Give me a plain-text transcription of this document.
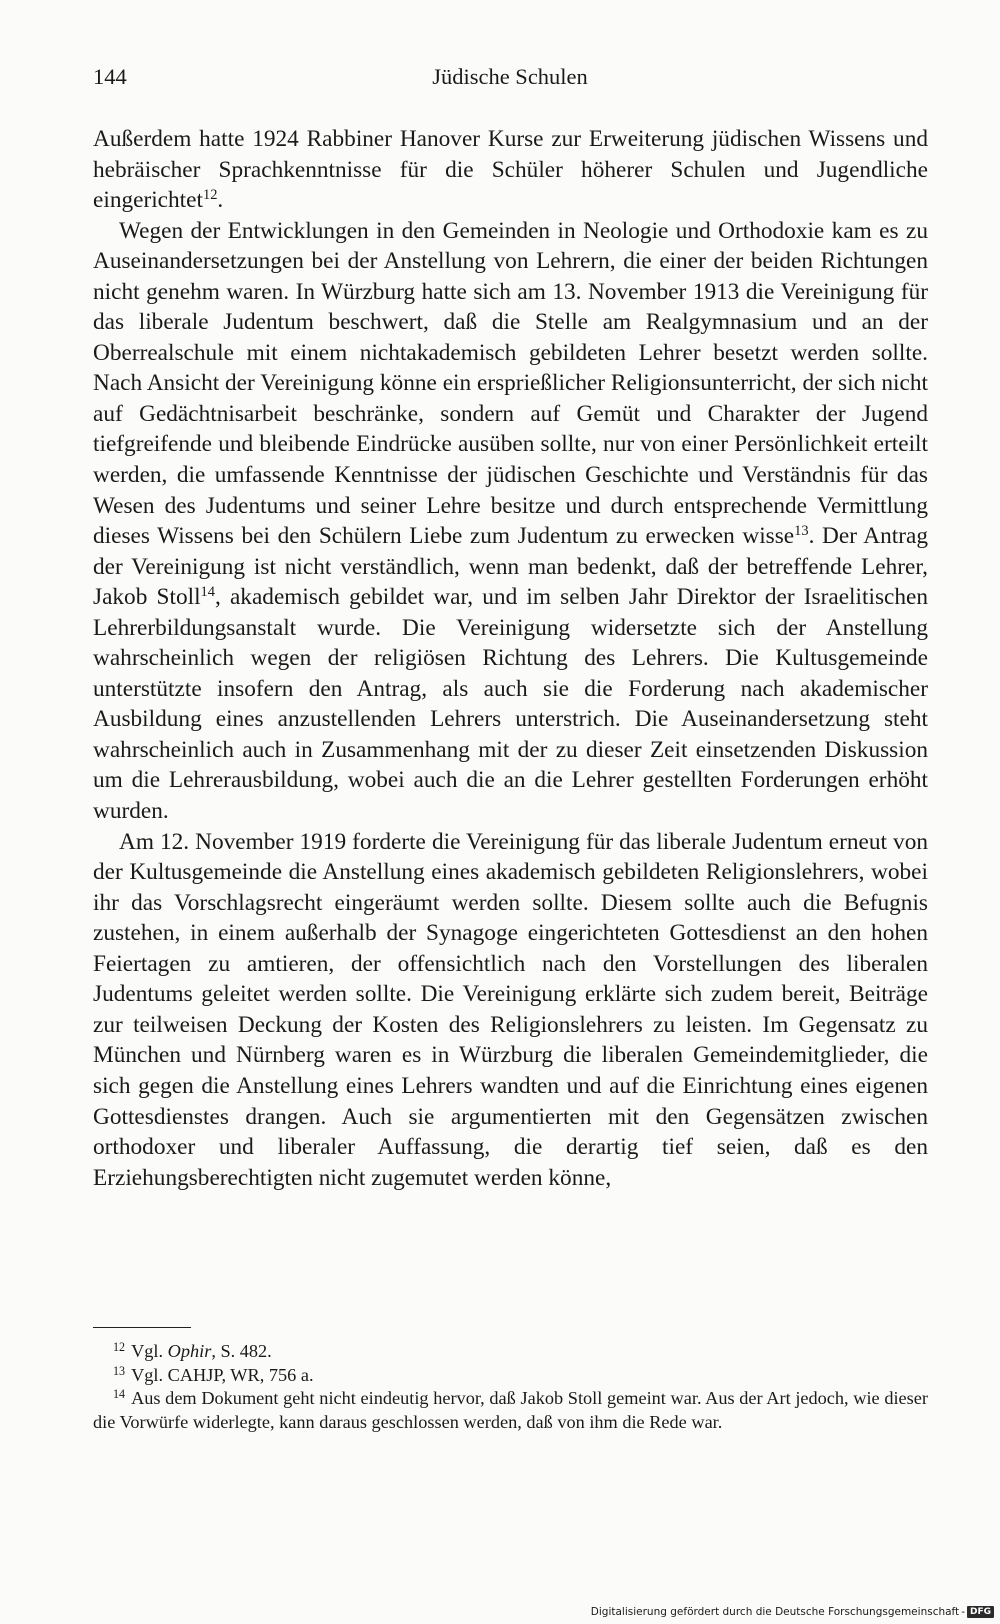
144	Jüdische Schulen

Außerdem hatte 1924 Rabbiner Hanover Kurse zur Erweiterung jüdischen Wissens und hebräischer Sprachkenntnisse für die Schüler höherer Schulen und Jugendliche eingerichtet$^{12}$.

Wegen der Entwicklungen in den Gemeinden in Neologie und Orthodoxie kam es zu Auseinandersetzungen bei der Anstellung von Lehrern, die einer der beiden Richtungen nicht genehm waren. In Würzburg hatte sich am 13. November 1913 die Vereinigung für das liberale Judentum beschwert, daß die Stelle am Realgymnasium und an der Oberrealschule mit einem nichtakademisch gebildeten Lehrer besetzt werden sollte. Nach Ansicht der Vereinigung könne ein ersprießlicher Religionsunterricht, der sich nicht auf Gedächtnisarbeit beschränke, sondern auf Gemüt und Charakter der Jugend tiefgreifende und bleibende Eindrücke ausüben sollte, nur von einer Persönlichkeit erteilt werden, die umfassende Kenntnisse der jüdischen Geschichte und Verständnis für das Wesen des Judentums und seiner Lehre besitze und durch entsprechende Vermittlung dieses Wissens bei den Schülern Liebe zum Judentum zu erwecken wisse$^{13}$. Der Antrag der Vereinigung ist nicht verständlich, wenn man bedenkt, daß der betreffende Lehrer, Jakob Stoll$^{14}$, akademisch gebildet war, und im selben Jahr Direktor der Israelitischen Lehrerbildungsanstalt wurde. Die Vereinigung widersetzte sich der Anstellung wahrscheinlich wegen der religiösen Richtung des Lehrers. Die Kultusgemeinde unterstützte insofern den Antrag, als auch sie die Forderung nach akademischer Ausbildung eines anzustellenden Lehrers unterstrich. Die Auseinandersetzung steht wahrscheinlich auch in Zusammenhang mit der zu dieser Zeit einsetzenden Diskussion um die Lehrerausbildung, wobei auch die an die Lehrer gestellten Forderungen erhöht wurden.

Am 12. November 1919 forderte die Vereinigung für das liberale Judentum erneut von der Kultusgemeinde die Anstellung eines akademisch gebildeten Religionslehrers, wobei ihr das Vorschlagsrecht eingeräumt werden sollte. Diesem sollte auch die Befugnis zustehen, in einem außerhalb der Synagoge eingerichteten Gottesdienst an den hohen Feiertagen zu amtieren, der offensichtlich nach den Vorstellungen des liberalen Judentums geleitet werden sollte. Die Vereinigung erklärte sich zudem bereit, Beiträge zur teilweisen Deckung der Kosten des Religionslehrers zu leisten. Im Gegensatz zu München und Nürnberg waren es in Würzburg die liberalen Gemeindemitglieder, die sich gegen die Anstellung eines Lehrers wandten und auf die Einrichtung eines eigenen Gottesdienstes drangen. Auch sie argumentierten mit den Gegensätzen zwischen orthodoxer und liberaler Auffassung, die derartig tief seien, daß es den Erziehungsberechtigten nicht zugemutet werden könne,

$^{12}$ Vgl. Ophir, S. 482.

$^{13}$ Vgl. CAHJP, WR, 756 a.

$^{14}$ Aus dem Dokument geht nicht eindeutig hervor, daß Jakob Stoll gemeint war. Aus der Art jedoch, wie dieser die Vorwürfe widerlegte, kann daraus geschlossen werden, daß von ihm die Rede war.

Digitalisierung gefördert durch die Deutsche Forschungsgemeinschaft - DFG
